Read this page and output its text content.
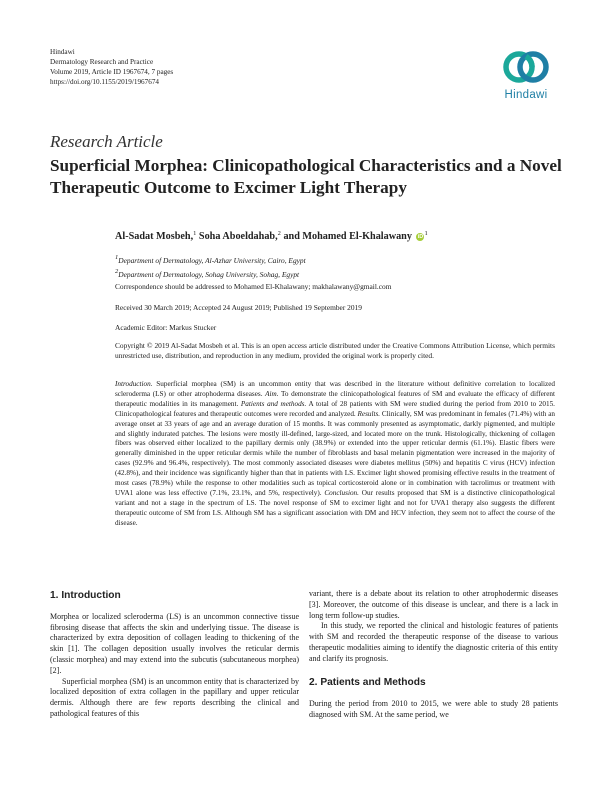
Hindawi
Dermatology Research and Practice
Volume 2019, Article ID 1967674, 7 pages
https://doi.org/10.1155/2019/1967674
Hindawi
Research Article
Superficial Morphea: Clinicopathological Characteristics and a Novel Therapeutic Outcome to Excimer Light Therapy
Al-Sadat Mosbeh,$^1$ Soha Aboeldahab,$^2$ and Mohamed El-Khalawany $iD^1$
$^1$Department of Dermatology, Al-Azhar University, Cairo, Egypt
$^2$Department of Dermatology, Sohag University, Sohag, Egypt
Correspondence should be addressed to Mohamed El-Khalawany; makhalawany@gmail.com
Received 30 March 2019; Accepted 24 August 2019; Published 19 September 2019
Academic Editor: Markus Stucker
Copyright © 2019 Al-Sadat Mosbeh et al. This is an open access article distributed under the Creative Commons Attribution License, which permits unrestricted use, distribution, and reproduction in any medium, provided the original work is properly cited.
Introduction. Superficial morphea (SM) is an uncommon entity that was described in the literature without definitive correlation to localized scleroderma (LS) or other atrophoderma diseases. Aim. To demonstrate the clinicopathological features of SM and evaluate the efficacy of different therapeutic modalities in its management. Patients and methods. A total of 28 patients with SM were studied during the period from 2010 to 2015. Clinicopathological features and therapeutic outcomes were recorded and analyzed. Results. Clinically, SM was predominant in females (71.4%) with an average onset at 33 years of age and an average duration of 15 months. It was commonly presented as asymptomatic, darkly pigmented, and multiple and slightly indurated patches. The lesions were mostly ill-defined, large-sized, and located more on the trunk. Histologically, thickening of collagen fibers was observed either localized to the papillary dermis only (38.9%) or extended into the upper reticular dermis (61.1%). Elastic fibers were generally diminished in the upper reticular dermis while the number of fibroblasts and basal melanin pigmentation were increased in the majority of cases (92.9% and 96.4%, respectively). The most commonly associated diseases were diabetes mellitus (50%) and hepatitis C virus (HCV) infection (42.8%), and their incidence was significantly higher than that in patients with LS. Excimer light showed promising effective results in the treatment of most cases (78.9%) while the response to other modalities such as topical corticosteroid alone or in combination with tacrolimus or treatment with UVA1 alone was less effective (7.1%, 23.1%, and 5%, respectively). Conclusion. Our results proposed that SM is a distinctive clinicopathological variant and not a stage in the spectrum of LS. The novel response of SM to excimer light and not for UVA1 therapy also suggests the different therapeutic outcome of SM from LS. Although SM has a significant association with DM and HCV infection, they seem not to affect the course of the disease.
1. Introduction

Morphea or localized scleroderma (LS) is an uncommon connective tissue fibrosing disease that affects the skin and underlying tissue. The disease is characterized by extra deposition of collagen leading to thickening of the skin [1]. The collagen deposition usually involves the reticular dermis (classic morphea) and may extend into the subcutis (subcutaneous morphea) [2].

Superficial morphea (SM) is an uncommon entity that is characterized by localized deposition of extra collagen in the papillary and upper reticular dermis. Although there are few reports describing the clinical and pathological features of this

variant, there is a debate about its relation to other atrophodermic diseases [3]. Moreover, the outcome of this disease is unclear, and there is a lack in long term follow-up studies.

In this study, we reported the clinical and histologic features of patients with SM and recorded the therapeutic response of the disease to various therapeutic modalities aiming to identify the diagnostic criteria of this entity and clarify its prognosis.

2. Patients and Methods

During the period from 2010 to 2015, we were able to study 28 patients diagnosed with SM. At the same period, we
